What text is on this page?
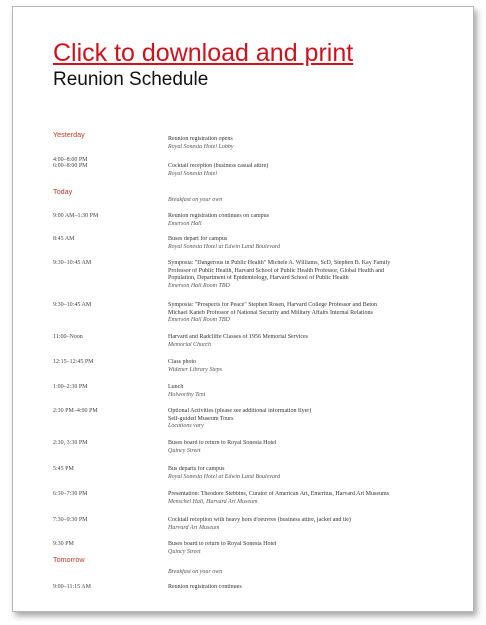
Click to download and print
Reunion Schedule
Yesterday	Reunion registration opens
Royal Sonesta Hotel Lobby
4:00–8:00 PM
6:00–8:00 PM	Cocktail reception (business casual attire)
Royal Sonesta Hotel
Today
Breakfast on your own
9:00 AM–1:30 PM	Reunion registration continues on campus
Emerson Hall
8:45 AM	Buses depart for campus
Royal Sonesta Hotel at Edwin Land Boulevard
9:30–10:45 AM	Symposia: "Dangerous in Public Health" Michele A. Williams, ScD, Stephen B. Kay Family
Professor of Public Health, Harvard School of Public Health Professor, Global Health and
Population, Department of Epidemiology, Harvard School of Public Health
Emerson Hall Room TBD
9:30–10:45 AM	Symposia: "Prospects for Peace" Stephen Rosen, Harvard College Professor and Beton
Michael Kaneb Professor of National Security and Military Affairs Internal Relations
Emerson Hall Room TBD
11:00–Noon	Harvard and Radcliffe Classes of 1956 Memorial Services
Memorial Church
12:15–12:45 PM	Class photo
Widener Library Steps
1:00–2:30 PM	Lunch
Holworthy Tent
2:30 PM–4:00 PM	Optional Activities (please see additional information flyer)
Self-guided Museum Tours
Locations vary
2:30, 3:30 PM	Buses board to return to Royal Sonesta Hotel
Quincy Street
5:45 PM	Bus departs for campus
Royal Sonesta Hotel at Edwin Land Boulevard
6:30–7:30 PM	Presentation: Theodore Stebbins, Curator of American Art, Emeritus, Harvard Art Museums
Menschel Hall, Harvard Art Museum
7:30–9:30 PM	Cocktail reception with heavy hors d'oeuvres (business attire, jacket and tie)
Harvard Art Museum
9:30 PM	Buses board to return to Royal Sonesta Hotel
Quincy Street
Tomorrow
Breakfast on your own
9:00–11:15 AM	Reunion registration continues
